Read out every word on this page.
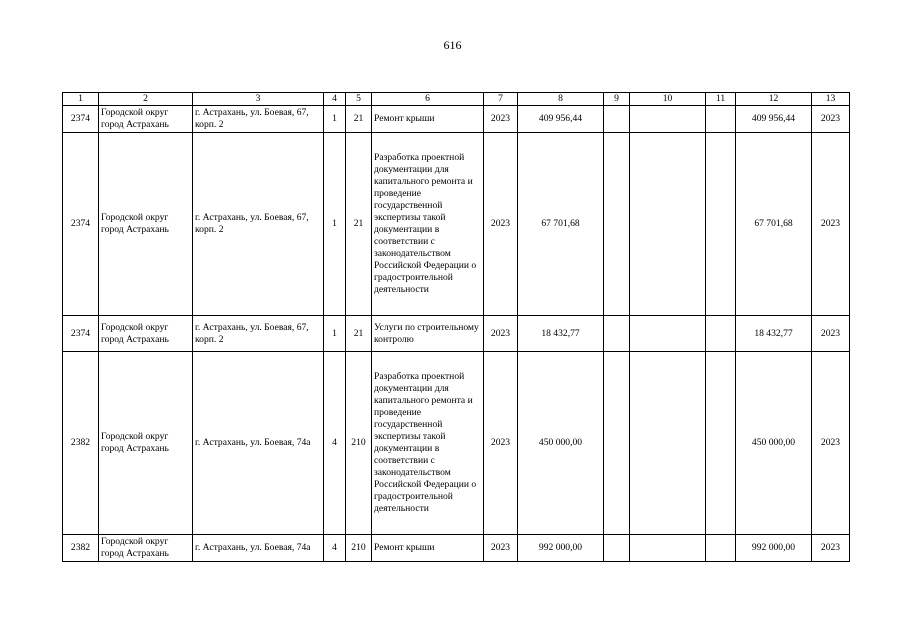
616
1	2	3	4	5	6	7	8	9	10	11	12	13
2374	Городской округ город Астрахань	г. Астрахань, ул. Боевая, 67, корп. 2	1	21	Ремонт крыши	2023	409 956,44				409 956,44	2023
2374	Городской округ город Астрахань	г. Астрахань, ул. Боевая, 67, корп. 2	1	21	Разработка проектной документации для капитального ремонта и проведение государственной экспертизы такой документации в соответствии с законодательством Российской Федерации о градостроительной деятельности	2023	67 701,68				67 701,68	2023
2374	Городской округ город Астрахань	г. Астрахань, ул. Боевая, 67, корп. 2	1	21	Услуги по строительному контролю	2023	18 432,77				18 432,77	2023
2382	Городской округ город Астрахань	г. Астрахань, ул. Боевая, 74а	4	210	Разработка проектной документации для капитального ремонта и проведение государственной экспертизы такой документации в соответствии с законодательством Российской Федерации о градостроительной деятельности	2023	450 000,00				450 000,00	2023
2382	Городской округ город Астрахань	г. Астрахань, ул. Боевая, 74а	4	210	Ремонт крыши	2023	992 000,00				992 000,00	2023
